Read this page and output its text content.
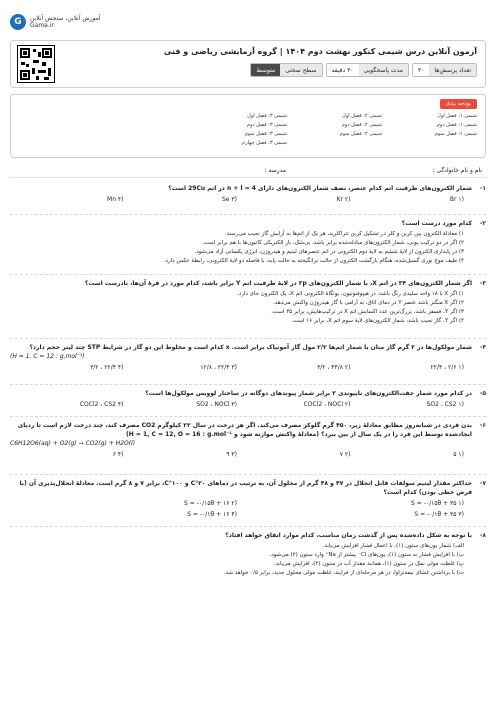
G	آموزش آنلاین، سنجش آنلاین
Gama.ir
آزمون آنلاین درس شیمی کنکور نهشت دوم ۱۴۰۴ | گروه آزمایشی ریاضی و فنی
تعداد پرسش‌ها
۳۰
مدت پاسخگویی
۳۰ دقیقه
سطح سختی
متوسط
بودجه بندی
شیمی ۱: فصل اول
شیمی ۲: فصل اول
شیمی ۳: فصل اول
شیمی ۱: فصل دوم
شیمی ۲: فصل دوم
شیمی ۳: فصل دوم
شیمی ۱: فصل سوم
شیمی ۲: فصل سوم
شیمی ۳: فصل سوم
شیمی ۳: فصل چهارم
نام و نام خانوادگی :
مدرسه :
۱-
شمار الکترون‌های ظرفیت اتم کدام عنصر، نصف شمار الکترون‌های دارای n + l = 4 در اتم 29Cu است؟
(۱ Br
(۲ Kr
(۳ Se
(۴ Mn
۲-
کدام مورد درست است؟
۱) معادلهٔ الکترون بین کربن و کلر در تشکیل کربن تتراکلرید، هر یک از اتم‌ها به آرایش گاز نجیب می‌رسند.
۲) اگر در دو ترکیب یونی، شمار الکترون‌های مبادله‌شده برابر باشد، بی‌شک، بار الکتریکی کاتیون‌ها با هم برابر است.
۳) در پایداری الکترون از لایهٔ ششم به لایهٔ دوم الکترونی در اتم عنصرهای لیتیم و هیدروژن، انرژی یکسانی آزاد می‌شود.
۴) طیف موج نوری گسیل‌شده، هنگام بازگشت الکترون از حالت برانگیخته به حالت پایه، با فاصله دو لایهٔ الکترونی، رابطهٔ عکس دارد.
۳-
اگر شمار الکترون‌های ۳۴ در اتم X، با شمار الکترون‌های ۳p در لایهٔ ظرفیت اتم Y برابر باشد، کدام مورد در فرهٔ آن‌ها، نادرست است؟
۱) اگر X با ۱۸ واحد سلیدی رنگ باشد، در هیپوفنوتیون، یونگاهٔ الکترونی اتم X، یک الکترون جای دارد.
۲) اگر X منگنز باشد عنصر Y در دمای اتاق، به آرامی با گاز هیدروژن واکنش می‌دهد.
۳) اگر Y، فسفر باشد، بزرگ‌ترین عدد اکسایش اتم X در ترکیب‌هایش، برابر ۳۵ است.
۴) اگر Y، گاز نجیب باشد، شمار الکترون‌های لایهٔ سوم اتم X، برابر ۱۶ است.
۴-
شمار مولکول‌ها در ۲ گرم گاز متان با شمار اتم‌ها ۲/۲ مول گاز آمونیاک برابر است. x کدام است و مخلوط این دو گاز در شرایط STP چند لیتر حجم دارد؟
(H = 1, C = 12 : g.mol⁻¹)
(۱ ۲/۶ ، ۲۲/۴
(۲ ۴۴/۸ ، ۳/۲
(۳ ۲۲/۴ ، ۱۲/۸
(۴ ۲۲/۴ ، ۳/۲
۵-
در کدام مورد شمار جفت‌الکترون‌های ناپیوندی ۲ برابر شمار پیوندهای دوگانه در ساختار لوویس مولکول‌ها است؟
(۱ SO2 ، CS2
(۲ COCl2 ، NOCl
(۳ SO2 ، NOCl
(۴ COCl2 ، CS2
۶-
بدن فردی در شبانه‌روز مطابق معادلهٔ زیر، ۴۵۰ گرم گلوکز مصرف می‌کند. اگر هر درخت در سال ۲۲ کیلوگرم CO2 مصرف کند، چند درخت لازم است تا ردپای ایجاد‌شده توسط این فرد را در یک سال از بین ببرد؟ (معادلهٔ واکنش موازنه شود و H = 1, C = 12, O = 16 : g.mol⁻¹)
C6H12O6(aq) + O2(g) → CO2(g) + H2O(l)
(۱ ۵
(۲ ۷
(۳ ۹
(۴ ۶
۷-
حداکثر مقدار لیتیم سولفات قابل انحلال در ۴۷ و ۴۸ گرم از محلول آن، به ترتیب در دماهای ۲۰°C و ۱۰۰°C، برابر ۷ و ۸ گرم است. معادلهٔ انحلال‌پذیری آن (با فرض خطی بودن) کدام است؟
(۱ S = -۰/۱۵θ + ۳۵
(۲ S = -۰/۱۵θ + ۱۶
(۳ S = -۰/۱θ + ۳۵
(۴ S = -۰/۱θ + ۱۶
۸-
با توجه به شکل داده‌شده پس از گذشت زمان مناسب، کدام موارد اتفاق خواهد افتاد؟
الف) شمار یون‌های ستون (۱)، با اعمال فشار افزایش می‌یابد.
ب) با افزایش فشار به ستون (۱)، یون‌های Cl⁻ بیشتر از Na⁺ وارد ستون (۲) می‌شود.
پ) غلظت مولی نمک در ستون (۱)، همانند مقدار آب در ستون (۲)، افزایش می‌یابد.
ت) با برداشتن غشای نیمه‌تراوا، در هر مرحله‌ای از فرایند، غلظت مولی محلول جدید، برابر ۰/۵ خواهد شد.
